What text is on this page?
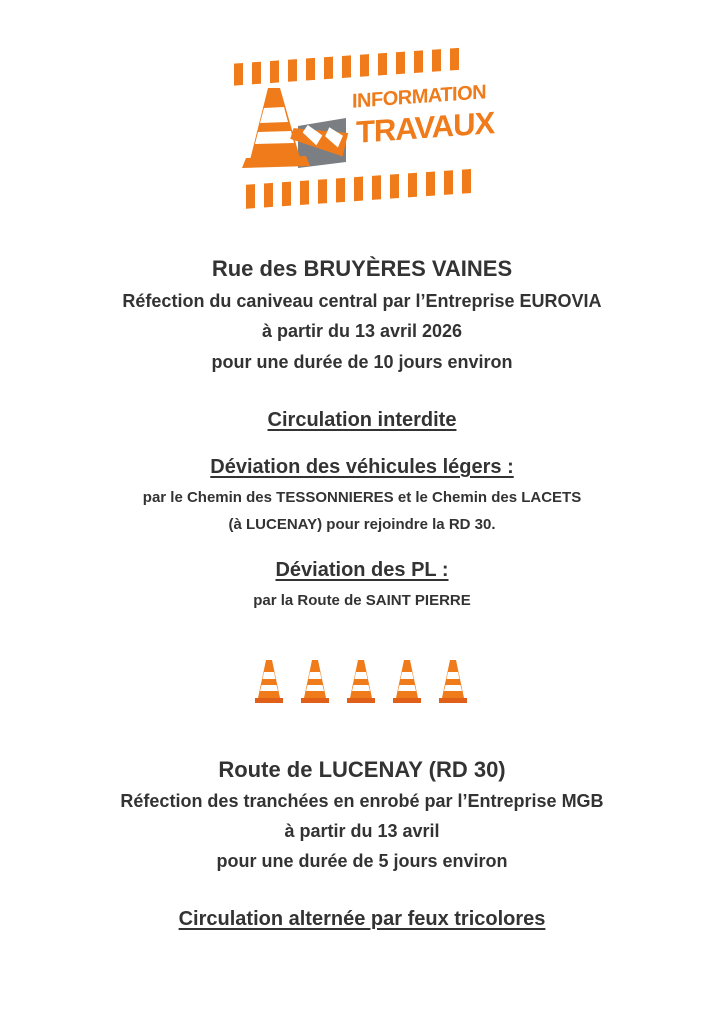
INFORMATION
TRAVAUX
Rue des BRUYÈRES VAINES
Réfection du caniveau central par l’Entreprise EUROVIA
à partir du 13 avril 2026
pour une durée de 10 jours environ
Circulation interdite
Déviation des véhicules légers :
par le Chemin des TESSONNIERES et le Chemin des LACETS
(à LUCENAY) pour rejoindre la RD 30.
Déviation des PL :
par la Route de SAINT PIERRE
Route de LUCENAY (RD 30)
Réfection des tranchées en enrobé par l’Entreprise MGB
à partir du 13 avril
pour une durée de 5 jours environ
Circulation alternée par feux tricolores
